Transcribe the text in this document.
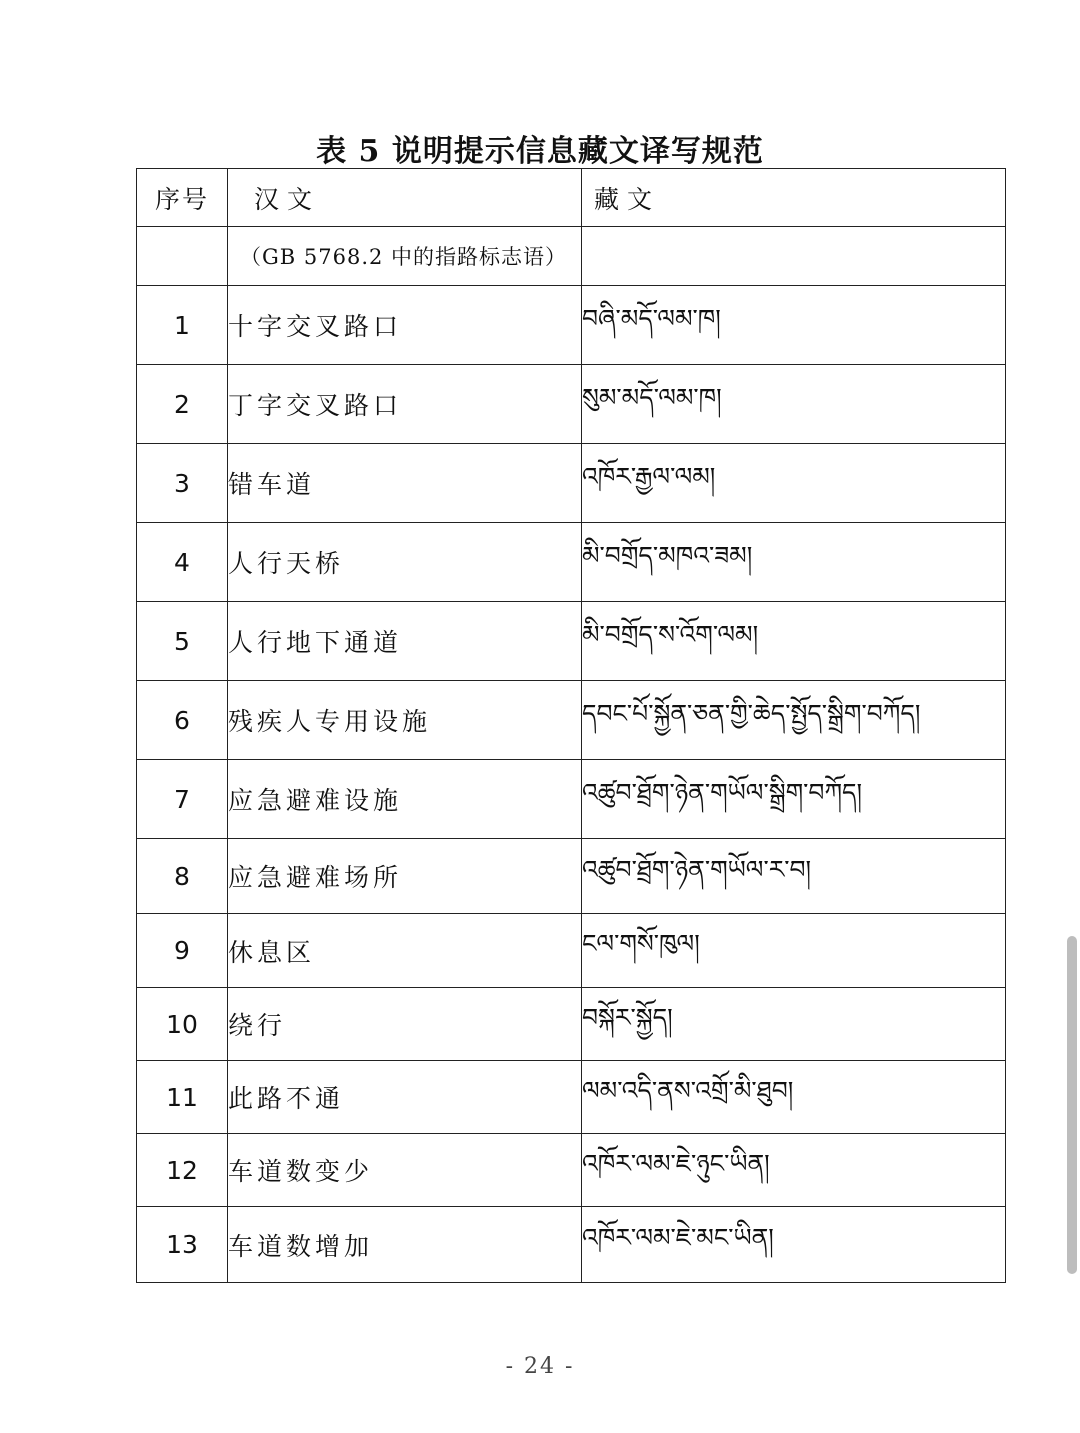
表 5 说明提示信息藏文译写规范
序号	汉文	藏文
	（GB 5768.2 中的指路标志语）	
1	十字交叉路口	བཞི་མདོ་ལམ་ཁ།
2	丁字交叉路口	སུམ་མདོ་ལམ་ཁ།
3	错车道	འཁོར་རྒྱལ་ལམ།
4	人行天桥	མི་བགྲོད་མཁའ་ཟམ།
5	人行地下通道	མི་བགྲོད་ས་འོག་ལམ།
6	残疾人专用设施	དབང་པོ་སྐྱོན་ཅན་གྱི་ཆེད་སྤྱོད་སྒྲིག་བཀོད།
7	应急避难设施	འཚུབ་ཐྲོག་ཉེན་གཡོལ་སྒྲིག་བཀོད།
8	应急避难场所	འཚུབ་ཐྲོག་ཉེན་གཡོལ་ར་བ།
9	休息区	ངལ་གསོ་ཁུལ།
10	绕行	བསྐོར་སྐྱོད།
11	此路不通	ལམ་འདི་ནས་འགྲོ་མི་ཐུབ།
12	车道数变少	འཁོར་ལམ་ཇེ་ཉུང་ཡིན།
13	车道数增加	འཁོར་ལམ་ཇེ་མང་ཡིན།
- 24 -
